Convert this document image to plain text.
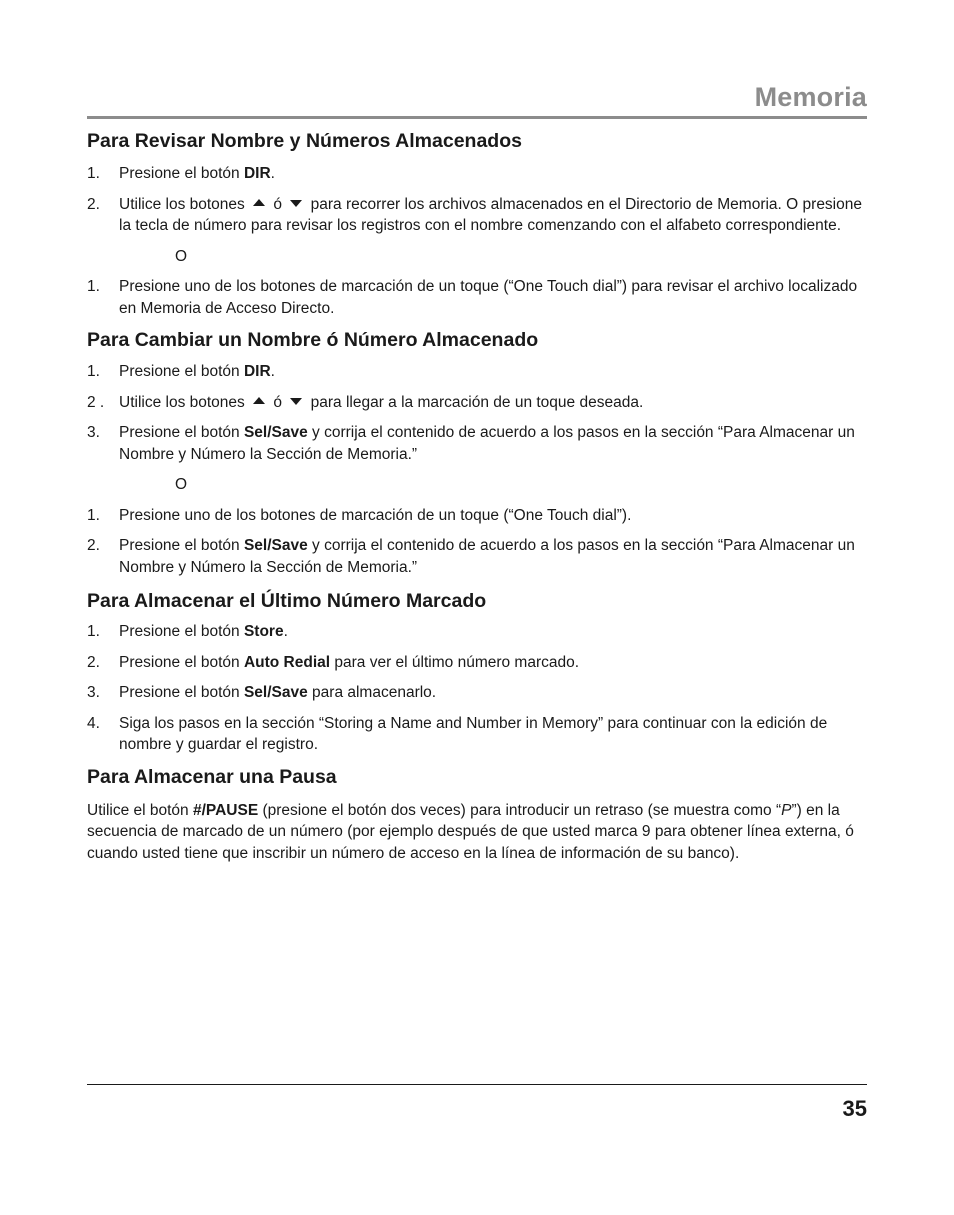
Memoria
Para Revisar Nombre y Números Almacenados
1. Presione el botón DIR.
2. Utilice los botones  ó  para recorrer los archivos almacenados en el Directorio de Memoria. O presione la tecla de número para revisar los registros con el nombre comenzando con el alfabeto correspondiente.
O
1. Presione uno de los botones de marcación de un toque (“One Touch dial”) para revisar el archivo localizado en Memoria de Acceso Directo.
Para Cambiar un Nombre ó Número Almacenado
1. Presione el botón DIR.
2 . Utilice los botones  ó  para llegar a la marcación de un toque deseada.
3. Presione el botón Sel/Save y corrija el contenido de acuerdo a los pasos en la sección “Para Almacenar un Nombre y Número la Sección de Memoria.”
O
1. Presione uno de los botones de marcación de un toque (“One Touch dial”).
2. Presione el botón Sel/Save y corrija el contenido de acuerdo a los pasos en la sección “Para Almacenar un Nombre y Número la Sección de Memoria.”
Para Almacenar el Último Número Marcado
1. Presione el botón Store.
2. Presione el botón Auto Redial para ver el último número marcado.
3. Presione el botón Sel/Save para almacenarlo.
4. Siga los pasos en la sección “Storing a Name and Number in Memory” para continuar con la edición de nombre y guardar el registro.
Para Almacenar una Pausa

Utilice el botón #/PAUSE (presione el botón dos veces) para introducir un retraso (se muestra como “P”) en la secuencia de marcado de un número (por ejemplo después de que usted marca 9 para obtener línea externa, ó cuando usted tiene que inscribir un número de acceso en la línea de información de su banco).

35
